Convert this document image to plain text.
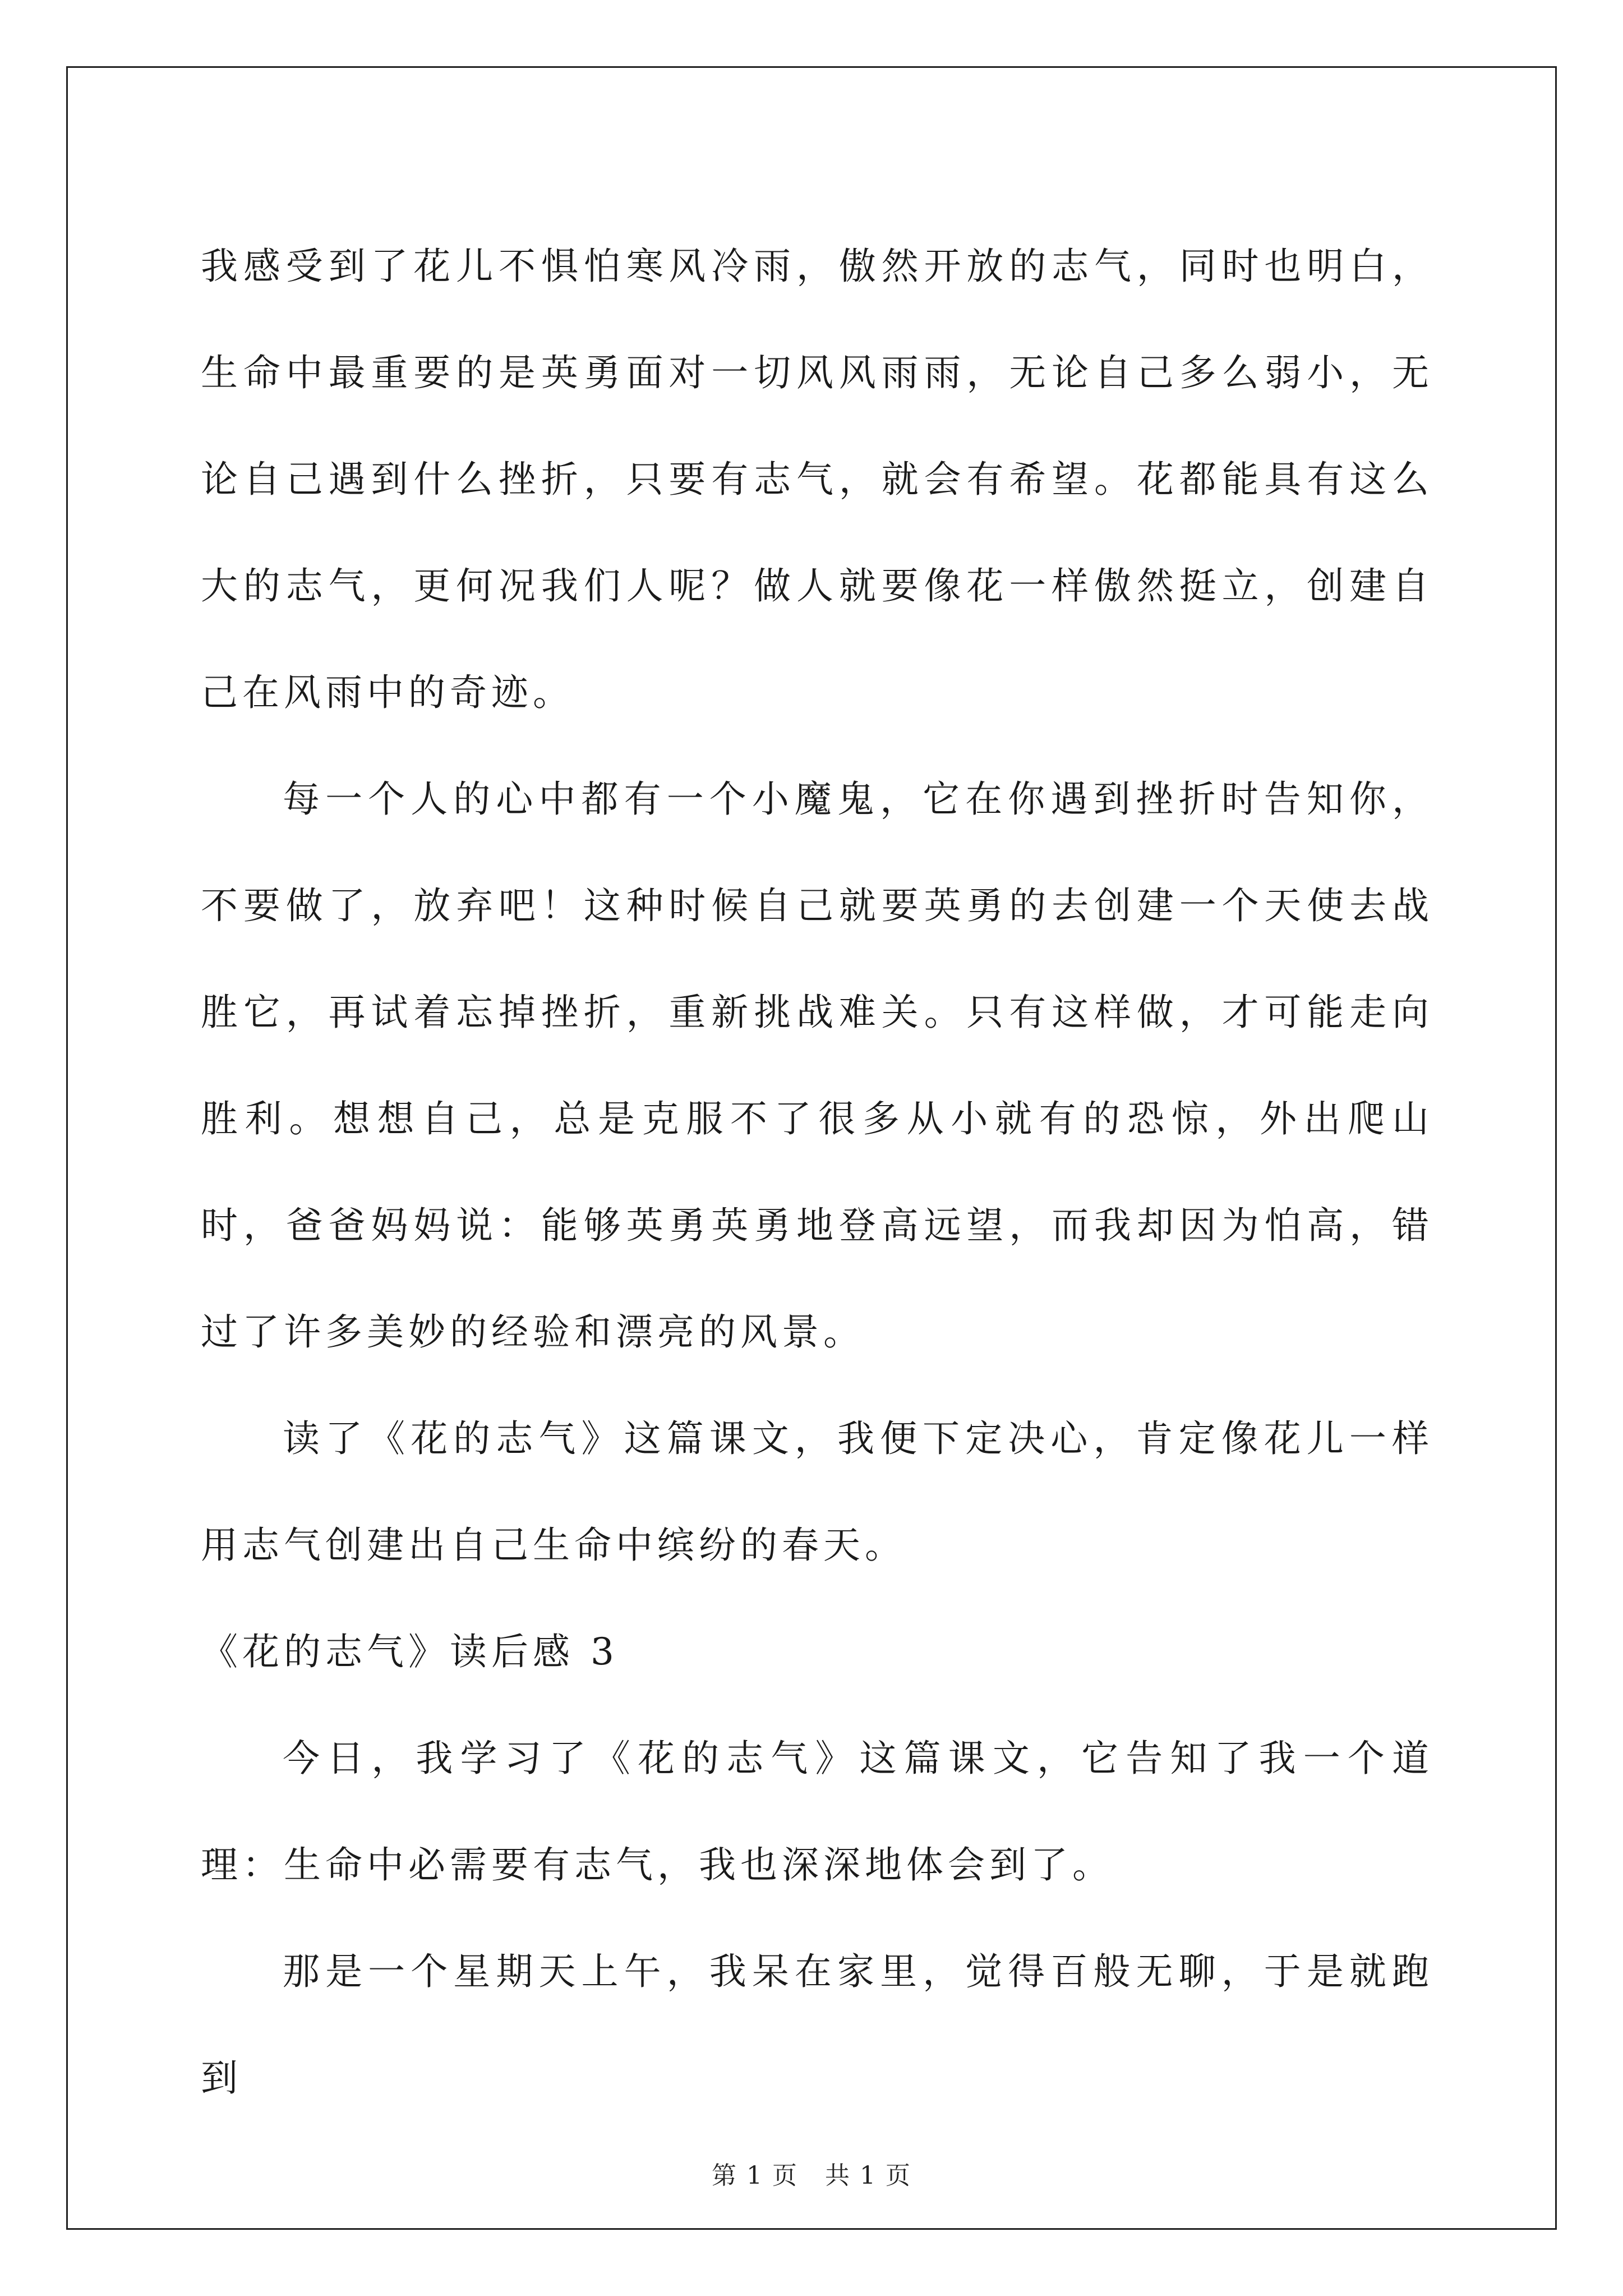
我感受到了花儿不惧怕寒风冷雨，傲然开放的志气，同时也明白，生命中最重要的是英勇面对一切风风雨雨，无论自己多么弱小，无论自己遇到什么挫折，只要有志气，就会有希望。花都能具有这么大的志气，更何况我们人呢？做人就要像花一样傲然挺立，创建自己在风雨中的奇迹。

每一个人的心中都有一个小魔鬼，它在你遇到挫折时告知你，不要做了，放弃吧！这种时候自己就要英勇的去创建一个天使去战胜它，再试着忘掉挫折，重新挑战难关。只有这样做，才可能走向胜利。想想自己，总是克服不了很多从小就有的恐惊，外出爬山时，爸爸妈妈说：能够英勇英勇地登高远望，而我却因为怕高，错过了许多美妙的经验和漂亮的风景。

读了《花的志气》这篇课文，我便下定决心，肯定像花儿一样用志气创建出自己生命中缤纷的春天。

《花的志气》读后感 3

今日，我学习了《花的志气》这篇课文，它告知了我一个道理：生命中必需要有志气，我也深深地体会到了。

那是一个星期天上午，我呆在家里，觉得百般无聊，于是就跑到

第 1 页 共 1 页
